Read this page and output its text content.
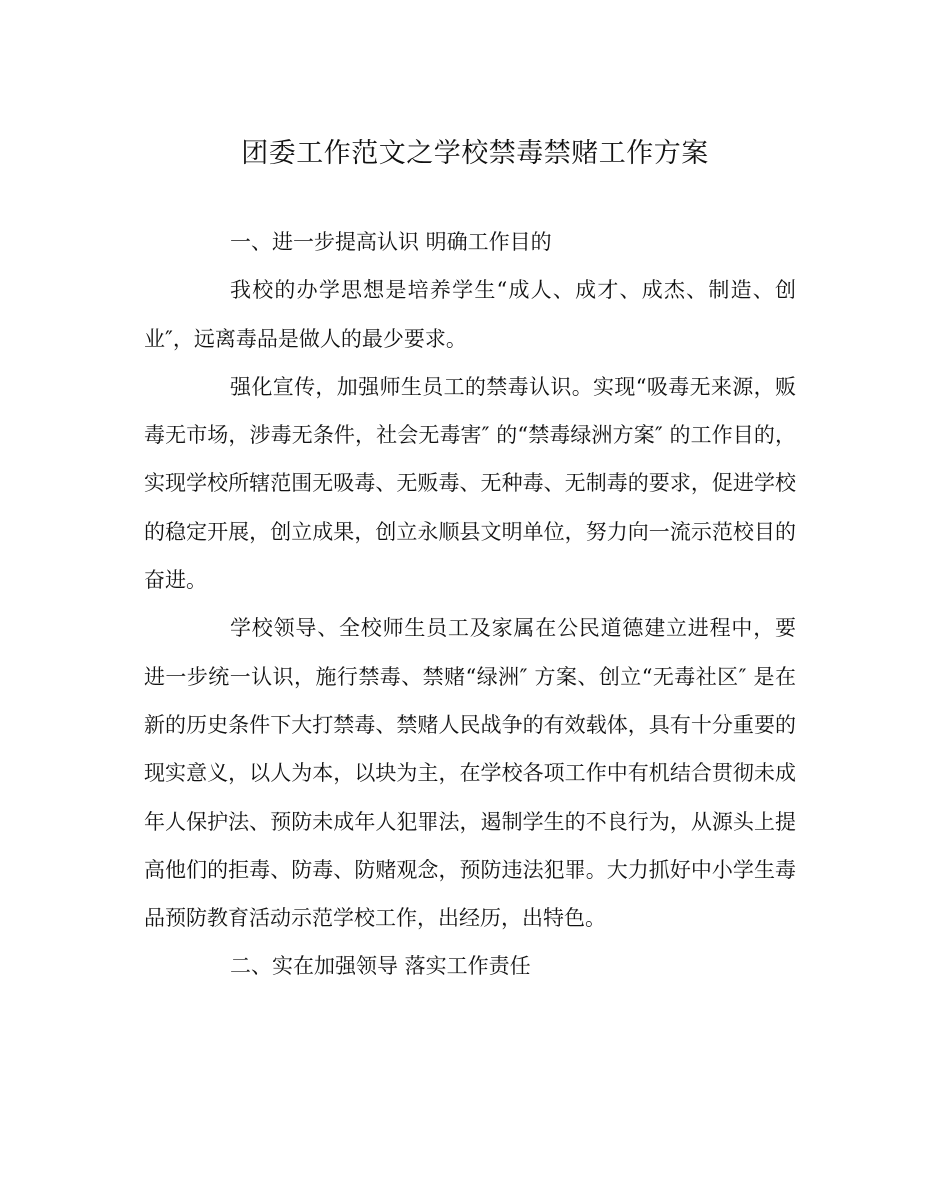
团委工作范文之学校禁毒禁赌工作方案

一、进一步提高认识 明确工作目的

我校的办学思想是培养学生“成人、成才、成杰、制造、创业″，远离毒品是做人的最少要求。

强化宣传，加强师生员工的禁毒认识。实现“吸毒无来源，贩毒无市场，涉毒无条件，社会无毒害″ 的“禁毒绿洲方案″ 的工作目的，实现学校所辖范围无吸毒、无贩毒、无种毒、无制毒的要求，促进学校的稳定开展，创立成果，创立永顺县文明单位，努力向一流示范校目的奋进。

学校领导、全校师生员工及家属在公民道德建立进程中，要进一步统一认识，施行禁毒、禁赌“绿洲″ 方案、创立“无毒社区″ 是在新的历史条件下大打禁毒、禁赌人民战争的有效载体，具有十分重要的现实意义，以人为本，以块为主，在学校各项工作中有机结合贯彻未成年人保护法、预防未成年人犯罪法，遏制学生的不良行为，从源头上提高他们的拒毒、防毒、防赌观念，预防违法犯罪。大力抓好中小学生毒品预防教育活动示范学校工作，出经历，出特色。

二、实在加强领导 落实工作责任
